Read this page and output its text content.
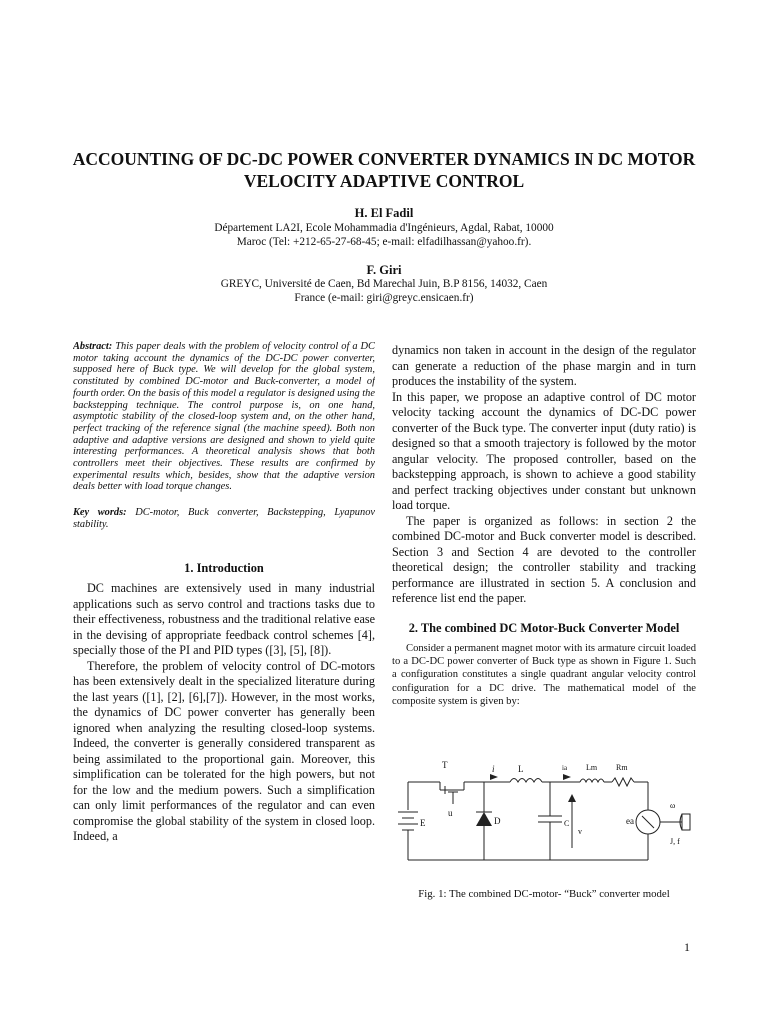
ACCOUNTING OF DC-DC POWER CONVERTER DYNAMICS IN DC MOTOR VELOCITY ADAPTIVE CONTROL
H. El Fadil
Département LA2I, Ecole Mohammadia d'Ingénieurs, Agdal, Rabat, 10000
Maroc (Tel: +212-65-27-68-45; e-mail: elfadilhassan@yahoo.fr).
F. Giri
GREYC, Université de Caen, Bd Marechal Juin, B.P 8156, 14032, Caen
France (e-mail: giri@greyc.ensicaen.fr)

Abstract: This paper deals with the problem of velocity control of a DC motor taking account the dynamics of the DC-DC power converter, supposed here of Buck type. We will develop for the global system, constituted by combined DC-motor and Buck-converter, a model of fourth order. On the basis of this model a regulator is designed using the backstepping technique. The control purpose is, on one hand, asymptotic stability of the closed-loop system and, on the other hand, perfect tracking of the reference signal (the machine speed). Both non adaptive and adaptive versions are designed and shown to yield quite interesting performances. A theoretical analysis shows that both controllers meet their objectives. These results are confirmed by experimental results which, besides, show that the adaptive version deals better with load torque changes.

Key words: DC-motor, Buck converter, Backstepping, Lyapunov stability.

1. Introduction

DC machines are extensively used in many industrial applications such as servo control and tractions tasks due to their effectiveness, robustness and the traditional relative ease in the devising of appropriate feedback control schemes [4], specially those of the PI and PID types ([3], [5], [8]).

Therefore, the problem of velocity control of DC-motors has been extensively dealt in the specialized literature during the last years ([1], [2], [6],[7]). However, in the most works, the dynamics of DC power converter has generally been ignored when analyzing the resulting closed-loop systems. Indeed, the converter is generally considered transparent as being assimilated to the proportional gain. Moreover, this simplification can be tolerated for the high powers, but not for the low and the medium powers. Such a simplification can only limit performances of the regulator and can even compromise the global stability of the system in closed loop. Indeed, a

dynamics non taken in account in the design of the regulator can generate a reduction of the phase margin and in turn produces the instability of the system.

In this paper, we propose an adaptive control of DC motor velocity tacking account the dynamics of DC-DC power converter of the Buck type. The converter input (duty ratio) is designed so that a smooth trajectory is followed by the motor angular velocity. The proposed controller, based on the backstepping approach, is shown to achieve a good stability and perfect tracking objectives under constant but unknown load torque.

The paper is organized as follows: in section 2 the combined DC-motor and Buck converter model is described. Section 3 and Section 4 are devoted to the controller theoretical design; the controller stability and tracking performance are illustrated in section 5. A conclusion and reference list end the paper.

2. The combined DC Motor-Buck Converter Model

Consider a permanent magnet motor with its armature circuit loaded to a DC-DC power converter of Buck type as shown in Figure 1. Such a configuration constitutes a single quadrant angular velocity control configuration for a DC drive. The mathematical model of the composite system is given by:

T
u
i	L	ia Lm Rm
E	D	C
v
ea
ω
J, f
Fig. 1: The combined DC-motor- “Buck” converter model
1
